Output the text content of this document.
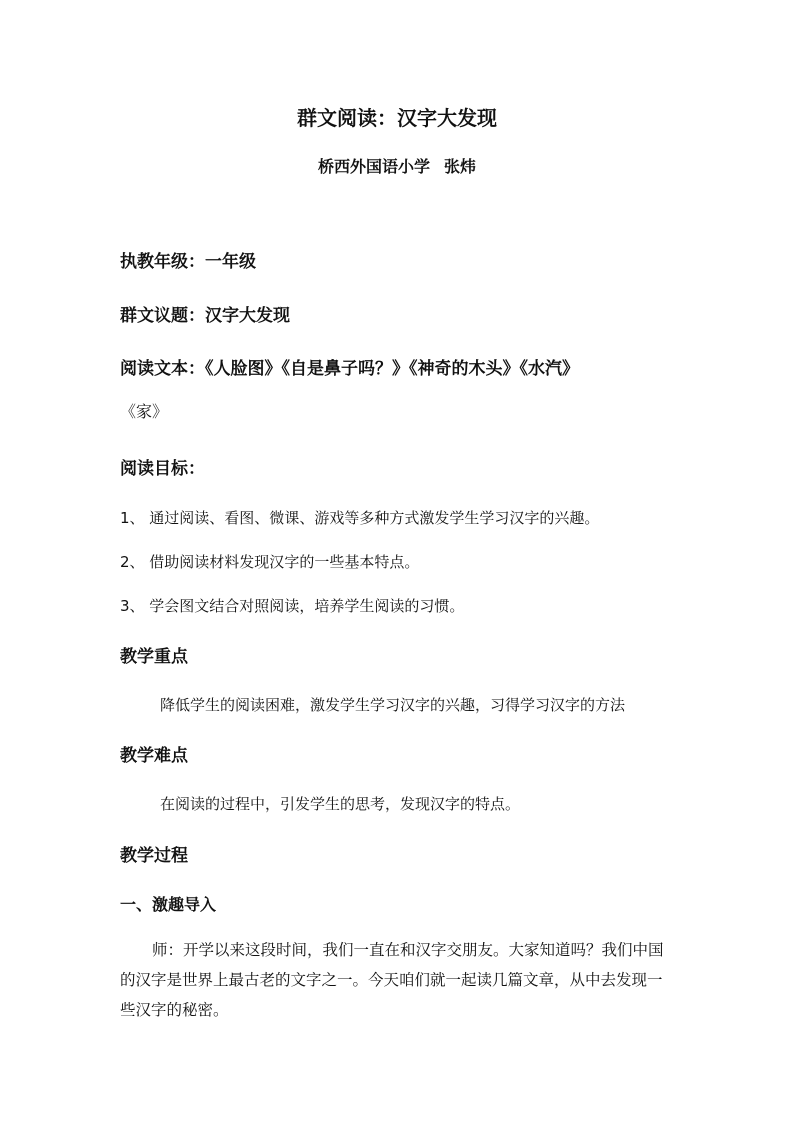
群文阅读：汉字大发现
桥西外国语小学 张炜
执教年级：一年级
群文议题：汉字大发现
阅读文本：《人脸图》《自是鼻子吗？》《神奇的木头》《水汽》
《家》
阅读目标：
1、 通过阅读、看图、微课、游戏等多种方式激发学生学习汉字的兴趣。
2、 借助阅读材料发现汉字的一些基本特点。
3、 学会图文结合对照阅读，培养学生阅读的习惯。
教学重点
降低学生的阅读困难，激发学生学习汉字的兴趣，习得学习汉字的方法
教学难点
在阅读的过程中，引发学生的思考，发现汉字的特点。
教学过程
一、激趣导入
师：开学以来这段时间，我们一直在和汉字交朋友。大家知道吗？我们中国的汉字是世界上最古老的文字之一。今天咱们就一起读几篇文章，从中去发现一些汉字的秘密。
